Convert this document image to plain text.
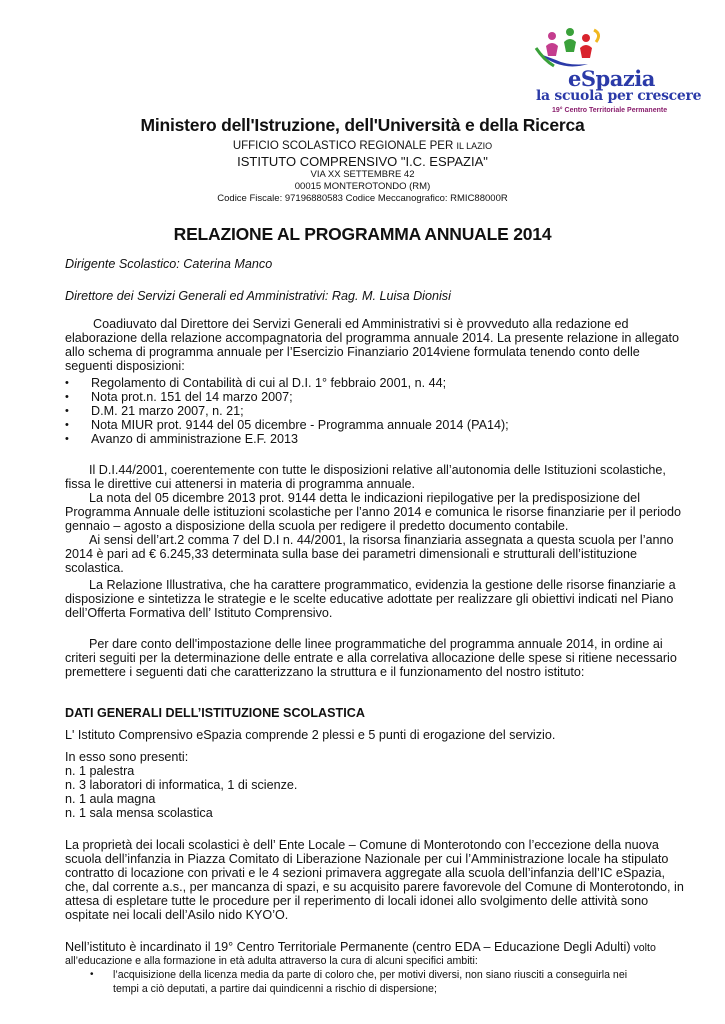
eSpazia
la scuola per crescere
19° Centro Territoriale Permanente
Ministero dell'Istruzione, dell'Università e della Ricerca
UFFICIO SCOLASTICO REGIONALE PER IL LAZIO
ISTITUTO COMPRENSIVO "I.C. ESPAZIA"
VIA XX SETTEMBRE 42
00015 MONTEROTONDO (RM)
Codice Fiscale: 97196880583 Codice Meccanografico: RMIC88000R
RELAZIONE AL PROGRAMMA ANNUALE 2014
Dirigente Scolastico: Caterina Manco
Direttore dei Servizi Generali ed Amministrativi: Rag. M. Luisa Dionisi
Coadiuvato dal Direttore dei Servizi Generali ed Amministrativi si è provveduto alla redazione ed
elaborazione della relazione accompagnatoria del programma annuale 2014. La presente relazione in allegato
allo schema di programma annuale per l’Esercizio Finanziario 2014viene formulata tenendo conto delle
seguenti disposizioni:
• Regolamento di Contabilità di cui al D.I. 1° febbraio 2001, n. 44;
• Nota prot.n. 151 del 14 marzo 2007;
• D.M. 21 marzo 2007, n. 21;
• Nota MIUR prot. 9144 del 05 dicembre - Programma annuale 2014 (PA14);
• Avanzo di amministrazione E.F. 2013
Il D.I.44/2001, coerentemente con tutte le disposizioni relative all’autonomia delle Istituzioni scolastiche,
fissa le direttive cui attenersi in materia di programma annuale.
La nota del 05 dicembre 2013 prot. 9144 detta le indicazioni riepilogative per la predisposizione del
Programma Annuale delle istituzioni scolastiche per l’anno 2014 e comunica le risorse finanziarie per il periodo
gennaio – agosto a disposizione della scuola per redigere il predetto documento contabile.
Ai sensi dell’art.2 comma 7 del D.I n. 44/2001, la risorsa finanziaria assegnata a questa scuola per l’anno
2014 è pari ad € 6.245,33 determinata sulla base dei parametri dimensionali e strutturali dell’istituzione
scolastica.
La Relazione Illustrativa, che ha carattere programmatico, evidenzia la gestione delle risorse finanziarie a
disposizione e sintetizza le strategie e le scelte educative adottate per realizzare gli obiettivi indicati nel Piano
dell’Offerta Formativa dell’ Istituto Comprensivo.
Per dare conto dell'impostazione delle linee programmatiche del programma annuale 2014, in ordine ai
criteri seguiti per la determinazione delle entrate e alla correlativa allocazione delle spese si ritiene necessario
premettere i seguenti dati che caratterizzano la struttura e il funzionamento del nostro istituto:
DATI GENERALI DELL’ISTITUZIONE SCOLASTICA
L' Istituto Comprensivo eSpazia comprende 2 plessi e 5 punti di erogazione del servizio.
In esso sono presenti:
n. 1 palestra
n. 3 laboratori di informatica, 1 di scienze.
n. 1 aula magna
n. 1 sala mensa scolastica
La proprietà dei locali scolastici è dell’ Ente Locale – Comune di Monterotondo con l’eccezione della nuova
scuola dell’infanzia in Piazza Comitato di Liberazione Nazionale per cui l’Amministrazione locale ha stipulato
contratto di locazione con privati e le 4 sezioni primavera aggregate alla scuola dell’infanzia dell’IC eSpazia,
che, dal corrente a.s., per mancanza di spazi, e su acquisito parere favorevole del Comune di Monterotondo, in
attesa di espletare tutte le procedure per il reperimento di locali idonei allo svolgimento delle attività sono
ospitate nei locali dell’Asilo nido KYO’O.
Nell’istituto è incardinato il 19° Centro Territoriale Permanente (centro EDA – Educazione Degli Adulti) volto
all’educazione e alla formazione in età adulta attraverso la cura di alcuni specifici ambiti:
• l’acquisizione della licenza media da parte di coloro che, per motivi diversi, non siano riusciti a conseguirla nei
tempi a ciò deputati, a partire dai quindicenni a rischio di dispersione;
